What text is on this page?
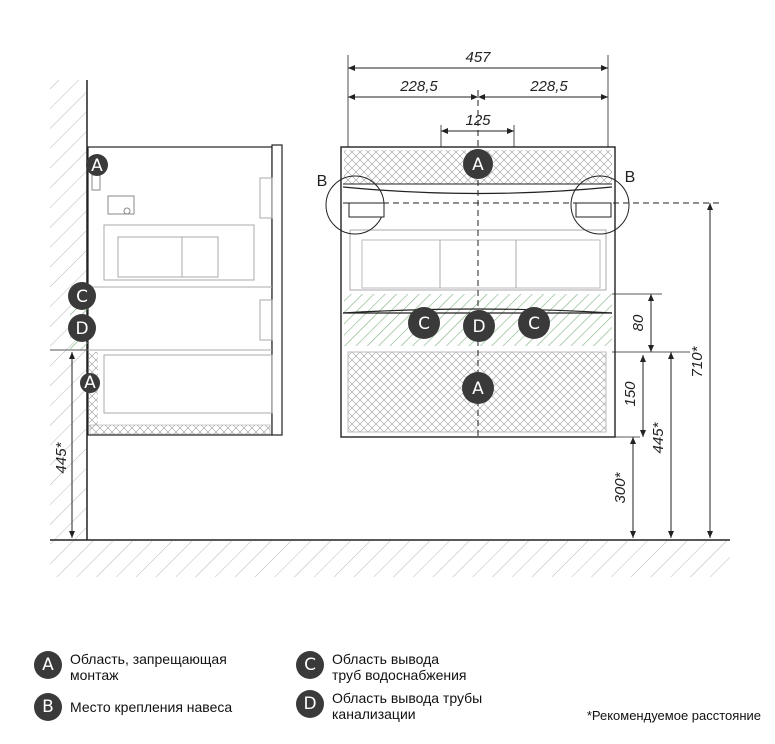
A
C
D
A
445*
A
B	B
C	D	C
A
457
228,5	228,5
125
80
150
300*
445*
710*
A	Область, запрещающая
монтаж
B	Место крепления навеса
C	Область вывода
труб водоснабжения
D	Область вывода трубы
канализации	*Рекомендуемое расстояние
